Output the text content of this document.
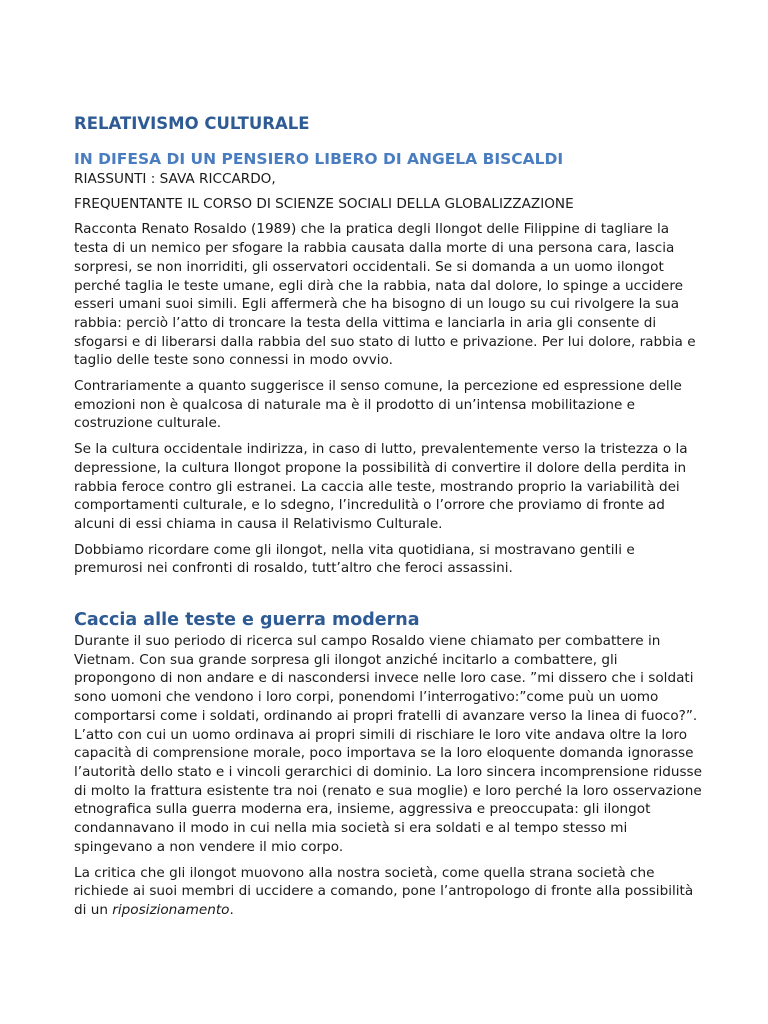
RELATIVISMO CULTURALE
IN DIFESA DI UN PENSIERO LIBERO DI ANGELA BISCALDI

RIASSUNTI : SAVA RICCARDO,

FREQUENTANTE IL CORSO DI SCIENZE SOCIALI DELLA GLOBALIZZAZIONE

Racconta Renato Rosaldo (1989) che la pratica degli Ilongot delle Filippine di tagliare la testa di un nemico per sfogare la rabbia causata dalla morte di una persona cara, lascia sorpresi, se non inorriditi, gli osservatori occidentali. Se si domanda a un uomo ilongot perché taglia le teste umane, egli dirà che la rabbia, nata dal dolore, lo spinge a uccidere esseri umani suoi simili. Egli affermerà che ha bisogno di un lougo su cui rivolgere la sua rabbia: perciò l’atto di troncare la testa della vittima e lanciarla in aria gli consente di sfogarsi e di liberarsi dalla rabbia del suo stato di lutto e privazione. Per lui dolore, rabbia e taglio delle teste sono connessi in modo ovvio.

Contrariamente a quanto suggerisce il senso comune, la percezione ed espressione delle emozioni non è qualcosa di naturale ma è il prodotto di un’intensa mobilitazione e costruzione culturale.

Se la cultura occidentale indirizza, in caso di lutto, prevalentemente verso la tristezza o la depressione, la cultura Ilongot propone la possibilità di convertire il dolore della perdita in rabbia feroce contro gli estranei. La caccia alle teste, mostrando proprio la variabilità dei comportamenti culturale, e lo sdegno, l’incredulità o l’orrore che proviamo di fronte ad alcuni di essi chiama in causa il Relativismo Culturale.

Dobbiamo ricordare come gli ilongot, nella vita quotidiana, si mostravano gentili e premurosi nei confronti di rosaldo, tutt’altro che feroci assassini.

Caccia alle teste e guerra moderna

Durante il suo periodo di ricerca sul campo Rosaldo viene chiamato per combattere in Vietnam. Con sua grande sorpresa gli ilongot anziché incitarlo a combattere, gli propongono di non andare e di nascondersi invece nelle loro case. ”mi dissero che i soldati sono uomoni che vendono i loro corpi, ponendomi l’interrogativo:”come puù un uomo comportarsi come i soldati, ordinando ai propri fratelli di avanzare verso la linea di fuoco?”. L’atto con cui un uomo ordinava ai propri simili di rischiare le loro vite andava oltre la loro capacità di comprensione morale, poco importava se la loro eloquente domanda ignorasse l’autorità dello stato e i vincoli gerarchici di dominio. La loro sincera incomprensione ridusse di molto la frattura esistente tra noi (renato e sua moglie) e loro perché la loro osservazione etnografica sulla guerra moderna era, insieme, aggressiva e preoccupata: gli ilongot condannavano il modo in cui nella mia società si era soldati e al tempo stesso mi spingevano a non vendere il mio corpo.

La critica che gli ilongot muovono alla nostra società, come quella strana società che richiede ai suoi membri di uccidere a comando, pone l’antropologo di fronte alla possibilità di un riposizionamento.
